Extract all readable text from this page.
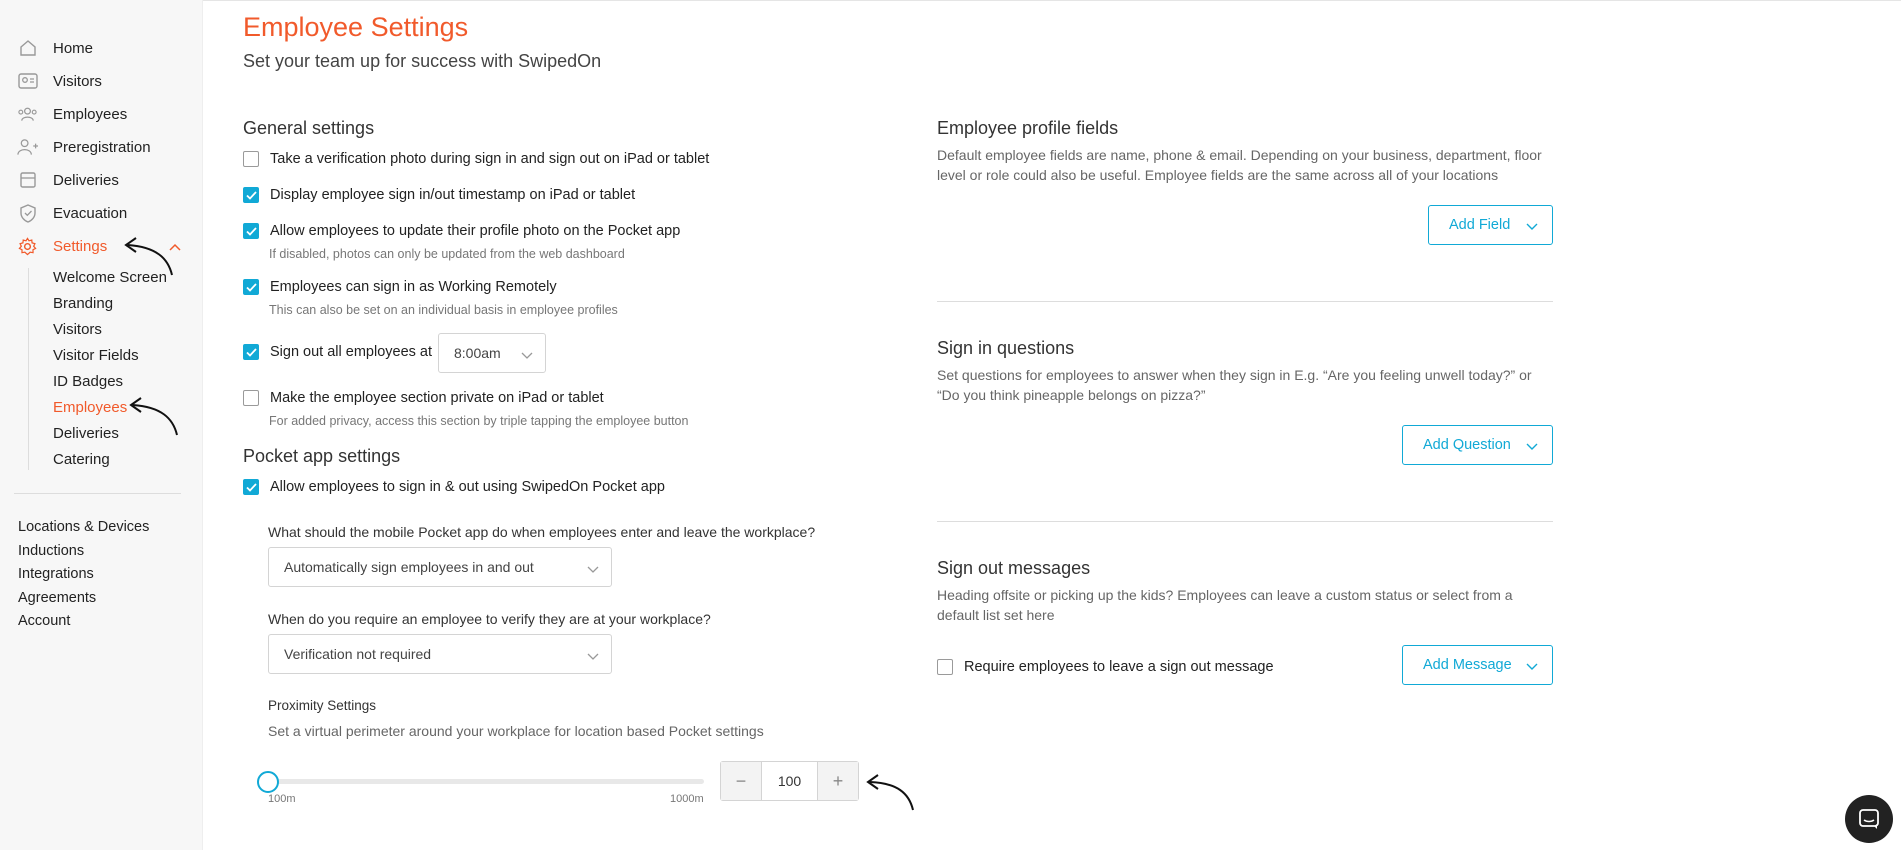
Home
Visitors
Employees
Preregistration
Deliveries
Evacuation
Settings
Welcome Screen
Branding
Visitors
Visitor Fields
ID Badges
Employees
Deliveries
Catering
Locations & Devices
Inductions
Integrations
Agreements
Account
Employee Settings
Set your team up for success with SwipedOn
General settings
Take a verification photo during sign in and sign out on iPad or tablet
Display employee sign in/out timestamp on iPad or tablet
Allow employees to update their profile photo on the Pocket app
If disabled, photos can only be updated from the web dashboard
Employees can sign in as Working Remotely
This can also be set on an individual basis in employee profiles
Sign out all employees at 8:00am
Make the employee section private on iPad or tablet
For added privacy, access this section by triple tapping the employee button
Pocket app settings
Allow employees to sign in & out using SwipedOn Pocket app
What should the mobile Pocket app do when employees enter and leave the workplace?
Automatically sign employees in and out
When do you require an employee to verify they are at your workplace?
Verification not required
Proximity Settings
Set a virtual perimeter around your workplace for location based Pocket settings
100m	1000m
−	100	+
Employee profile fields
Default employee fields are name, phone & email. Depending on your business, department, floor level or role could also be useful. Employee fields are the same across all of your locations
Add Field
Sign in questions
Set questions for employees to answer when they sign in E.g. “Are you feeling unwell today?” or “Do you think pineapple belongs on pizza?”
Add Question
Sign out messages
Heading offsite or picking up the kids? Employees can leave a custom status or select from a default list set here
Require employees to leave a sign out message	Add Message
